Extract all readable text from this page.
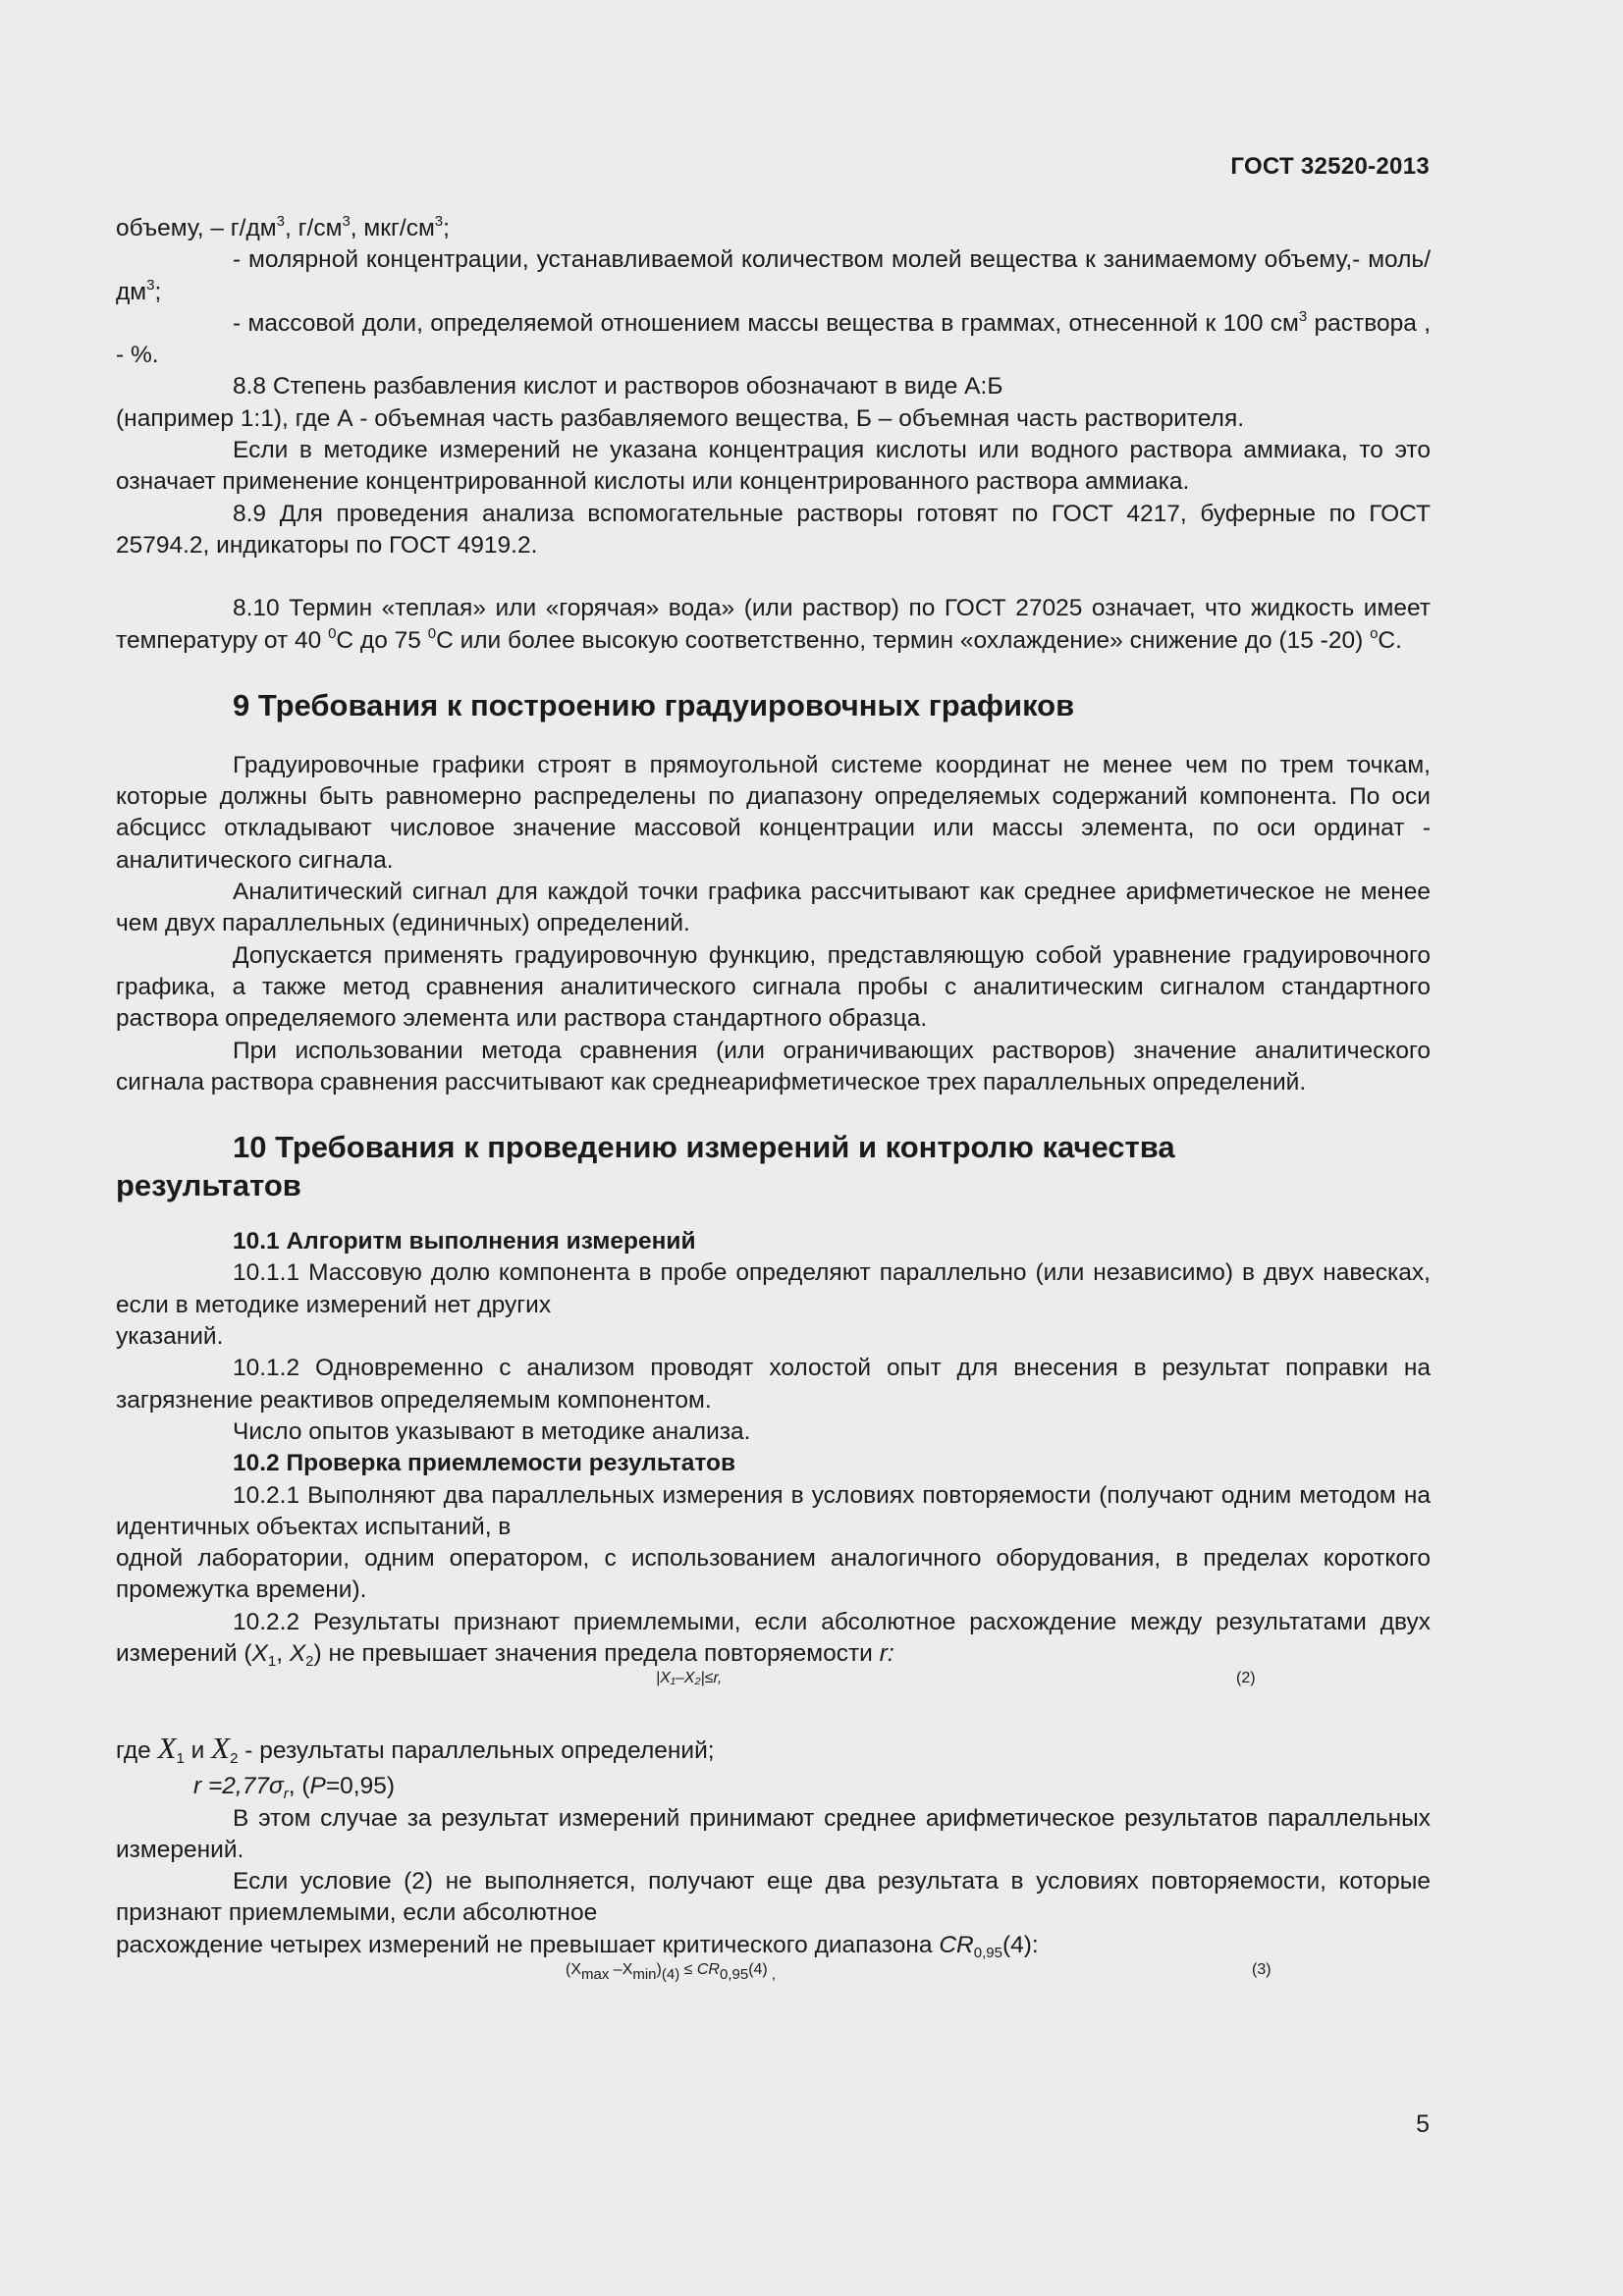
ГОСТ 32520-2013

объему, – $г/дм^3$, $г/см^3$, мкг/$см^3$;

- молярной концентрации, устанавливаемой количеством молей вещества к занимаемому объему,- моль/$дм^3$;

- массовой доли, определяемой отношением массы вещества в граммах, отнесенной к 100 $см^3$ раствора , - %.

8.8 Степень разбавления кислот и растворов обозначают в виде А:Б

(например 1:1), где А - объемная часть разбавляемого вещества, Б – объемная часть растворителя.

Если в методике измерений не указана концентрация кислоты или водного раствора аммиака, то это означает применение концентрированной кислоты или концентрированного раствора аммиака.

8.9 Для проведения анализа вспомогательные растворы готовят по ГОСТ 4217, буферные по ГОСТ 25794.2, индикаторы по ГОСТ 4919.2.

8.10 Термин «теплая» или «горячая» вода» (или раствор) по ГОСТ 27025 означает, что жидкость имеет температуру от 40 $^0$С до 75 $^0$С или более высокую соответственно, термин «охлаждение» снижение до (15 -20) $^о$С.

9 Требования к построению градуировочных графиков

Градуировочные графики строят в прямоугольной системе координат не менее чем по трем точкам, которые должны быть равномерно распределены по диапазону определяемых содержаний компонента. По оси абсцисс откладывают числовое значение массовой концентрации или массы элемента, по оси ординат - аналитического сигнала.

Аналитический сигнал для каждой точки графика рассчитывают как среднее арифметическое не менее чем двух параллельных (единичных) определений.

Допускается применять градуировочную функцию, представляющую собой уравнение градуировочного графика, а также метод сравнения аналитического сигнала пробы с аналитическим сигналом стандартного раствора определяемого элемента или раствора стандартного образца.

При использовании метода сравнения (или ограничивающих растворов) значение аналитического сигнала раствора сравнения рассчитывают как среднеарифметическое трех параллельных определений.

10 Требования к проведению измерений и контролю качества

результатов

10.1 Алгоритм выполнения измерений

10.1.1 Массовую долю компонента в пробе определяют параллельно (или независимо) в двух навесках, если в методике измерений нет других

указаний.

10.1.2 Одновременно с анализом проводят холостой опыт для внесения в результат поправки на загрязнение реактивов определяемым компонентом.

Число опытов указывают в методике анализа.

10.2 Проверка приемлемости результатов

10.2.1 Выполняют два параллельных измерения в условиях повторяемости (получают одним методом на идентичных объектах испытаний, в

одной лаборатории, одним оператором, с использованием аналогичного оборудования, в пределах короткого промежутка времени).

10.2.2 Результаты признают приемлемыми, если абсолютное расхождение между результатами двух измерений ($X_1$, $X_2$) не превышает значения предела повторяемости r:

|X₁–X₂|≤r,	(2)

где $X_1$ и $X_2$ - результаты параллельных определений;

$r =2,77\sigma_r$, (P=0,95)

В этом случае за результат измерений принимают среднее арифметическое результатов параллельных измерений.

Если условие (2) не выполняется, получают еще два результата в условиях повторяемости, которые признают приемлемыми, если абсолютное

расхождение четырех измерений не превышает критического диапазона $CR_{0,95}(4)$:

($X_{max}$ $-X_{min})_{(4)} \le CR_{0,95}(4)$ $_,$	(3)
5
